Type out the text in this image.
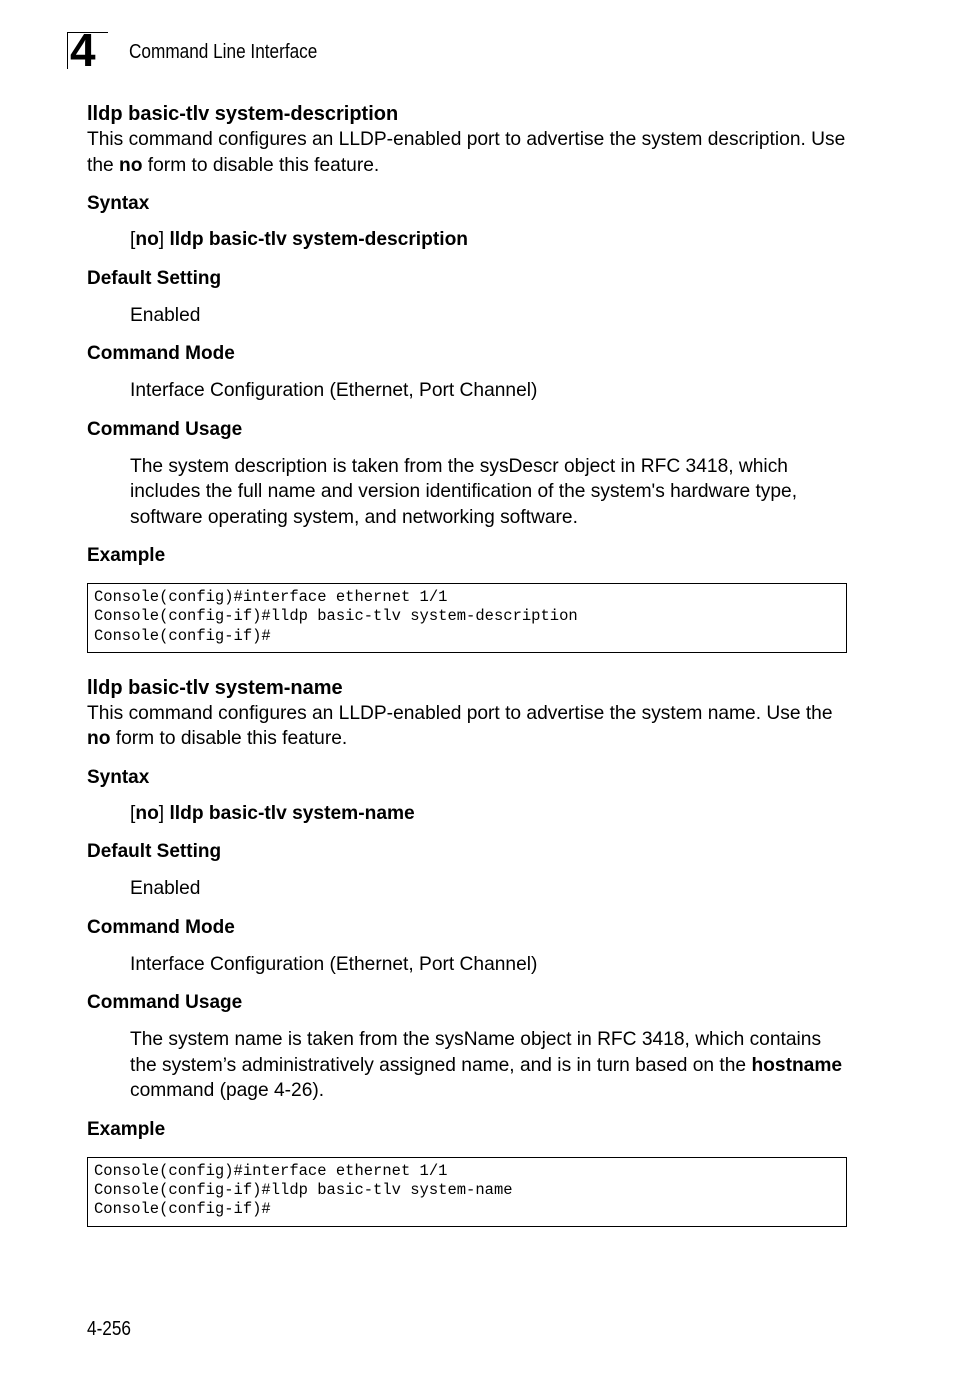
4 Command Line Interface
lldp basic-tlv system-description

This command configures an LLDP-enabled port to advertise the system description. Use the no form to disable this feature.

Syntax
[no] lldp basic-tlv system-description
Default Setting
Enabled
Command Mode
Interface Configuration (Ethernet, Port Channel)
Command Usage

The system description is taken from the sysDescr object in RFC 3418, which includes the full name and version identification of the system's hardware type, software operating system, and networking software.

Example
Console(config)#interface ethernet 1/1
Console(config-if)#lldp basic-tlv system-description
Console(config-if)#
lldp basic-tlv system-name

This command configures an LLDP-enabled port to advertise the system name. Use the no form to disable this feature.

Syntax
[no] lldp basic-tlv system-name
Default Setting
Enabled
Command Mode
Interface Configuration (Ethernet, Port Channel)
Command Usage

The system name is taken from the sysName object in RFC 3418, which contains the system’s administratively assigned name, and is in turn based on the hostname command (page 4-26).

Example
Console(config)#interface ethernet 1/1
Console(config-if)#lldp basic-tlv system-name
Console(config-if)#
4-256
